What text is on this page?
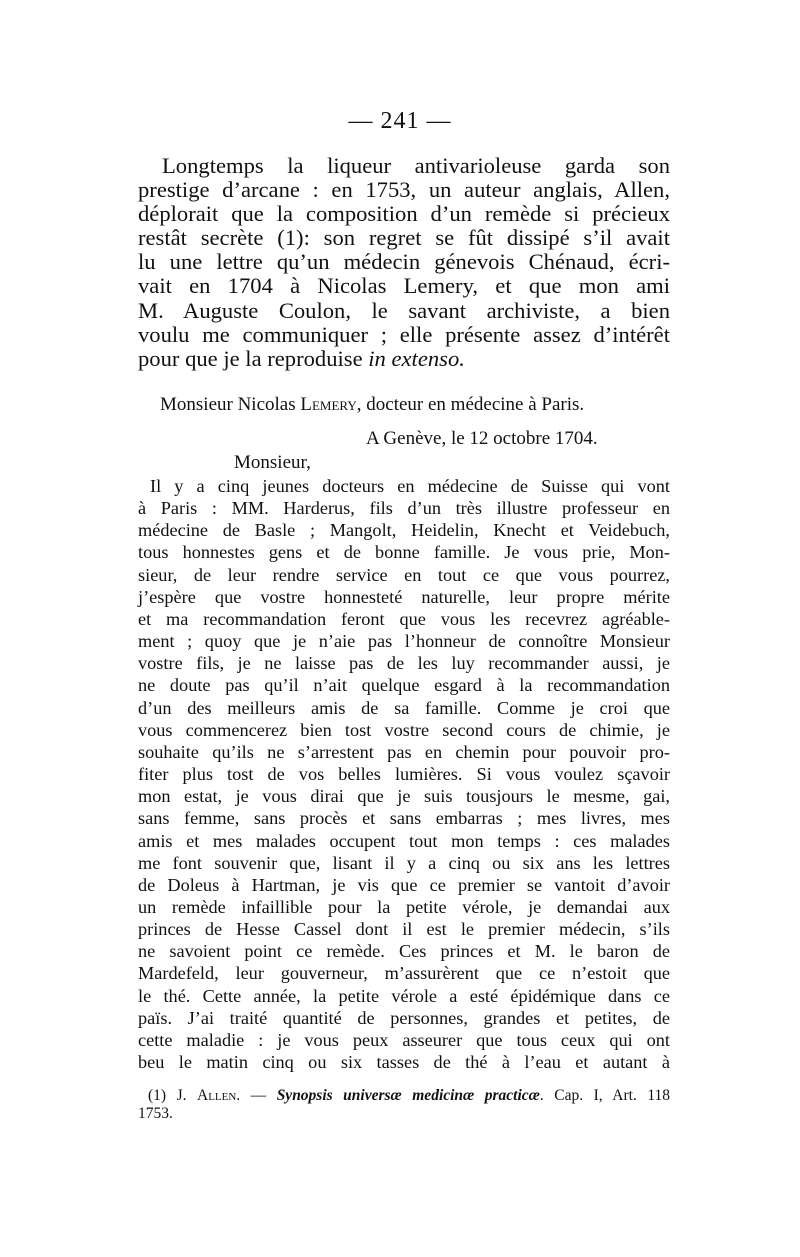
— 241 —
Longtemps la liqueur antivarioleuse garda son
prestige d’arcane : en 1753, un auteur anglais, Allen,
déplorait que la composition d’un remède si précieux
restât secrète (1): son regret se fût dissipé s’il avait
lu une lettre qu’un médecin génevois Chénaud, écri-
vait en 1704 à Nicolas Lemery, et que mon ami
M. Auguste Coulon, le savant archiviste, a bien
voulu me communiquer ; elle présente assez d’intérêt
pour que je la reproduise in extenso.
Monsieur Nicolas Lemery, docteur en médecine à Paris.
A Genève, le 12 octobre 1704.
Monsieur,
Il y a cinq jeunes docteurs en médecine de Suisse qui vont
à Paris : MM. Harderus, fils d’un très illustre professeur en
médecine de Basle ; Mangolt, Heidelin, Knecht et Veidebuch,
tous honnestes gens et de bonne famille. Je vous prie, Mon-
sieur, de leur rendre service en tout ce que vous pourrez,
j’espère que vostre honnesteté naturelle, leur propre mérite
et ma recommandation feront que vous les recevrez agréable-
ment ; quoy que je n’aie pas l’honneur de connoître Monsieur
vostre fils, je ne laisse pas de les luy recommander aussi, je
ne doute pas qu’il n’ait quelque esgard à la recommandation
d’un des meilleurs amis de sa famille. Comme je croi que
vous commencerez bien tost vostre second cours de chimie, je
souhaite qu’ils ne s’arrestent pas en chemin pour pouvoir pro-
fiter plus tost de vos belles lumières. Si vous voulez sçavoir
mon estat, je vous dirai que je suis tousjours le mesme, gai,
sans femme, sans procès et sans embarras ; mes livres, mes
amis et mes malades occupent tout mon temps : ces malades
me font souvenir que, lisant il y a cinq ou six ans les lettres
de Doleus à Hartman, je vis que ce premier se vantoit d’avoir
un remède infaillible pour la petite vérole, je demandai aux
princes de Hesse Cassel dont il est le premier médecin, s’ils
ne savoient point ce remède. Ces princes et M. le baron de
Mardefeld, leur gouverneur, m’assurèrent que ce n’estoit que
le thé. Cette année, la petite vérole a esté épidémique dans ce
païs. J’ai traité quantité de personnes, grandes et petites, de
cette maladie : je vous peux asseurer que tous ceux qui ont
beu le matin cinq ou six tasses de thé à l’eau et autant à
(1) J. Allen. — Synopsis universæ medicinæ practicæ. Cap. I, Art. 118
1753.
